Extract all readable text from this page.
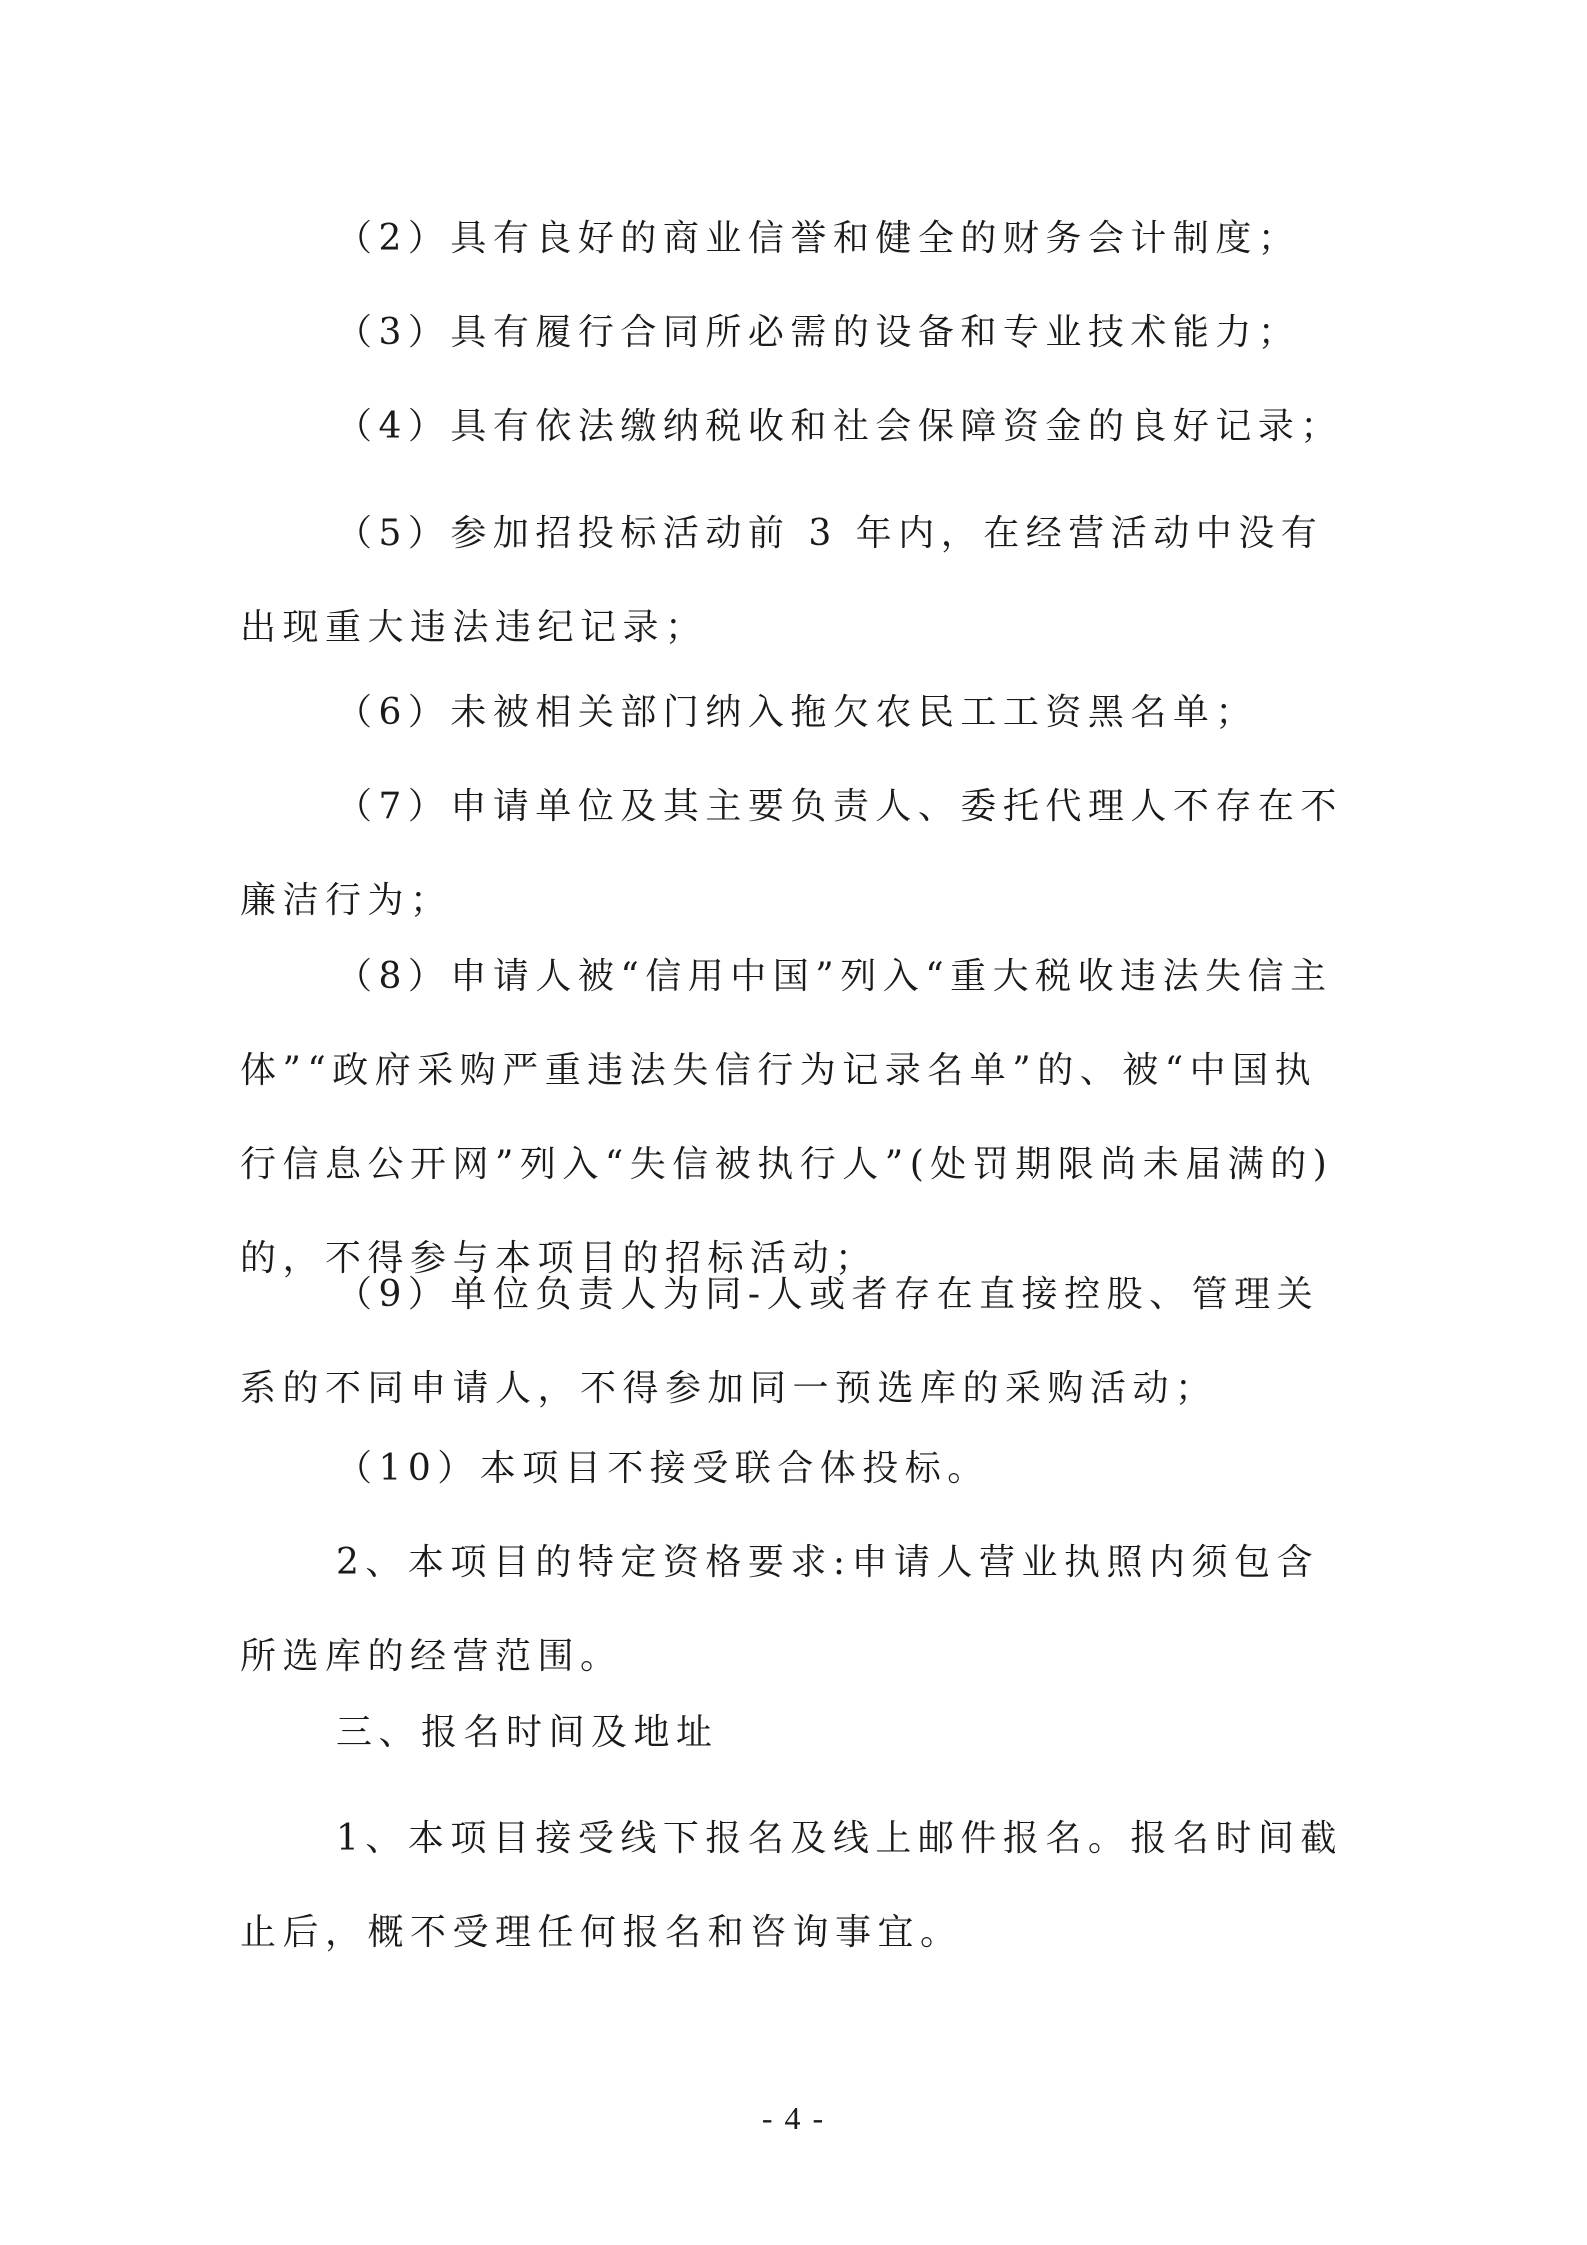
（2）具有良好的商业信誉和健全的财务会计制度；

（3）具有履行合同所必需的设备和专业技术能力；

（4）具有依法缴纳税收和社会保障资金的良好记录；

（5）参加招投标活动前 3 年内，在经营活动中没有出现重大违法违纪记录；

（6）未被相关部门纳入拖欠农民工工资黑名单；

（7）申请单位及其主要负责人、委托代理人不存在不廉洁行为；

（8）申请人被“信用中国”列入“重大税收违法失信主体”“政府采购严重违法失信行为记录名单”的、被“中国执行信息公开网”列入“失信被执行人”(处罚期限尚未届满的)的，不得参与本项目的招标活动；

（9）单位负责人为同-人或者存在直接控股、管理关系的不同申请人，不得参加同一预选库的采购活动；

（10）本项目不接受联合体投标。

2、本项目的特定资格要求:申请人营业执照内须包含所选库的经营范围。

三、报名时间及地址

1、本项目接受线下报名及线上邮件报名。报名时间截止后，概不受理任何报名和咨询事宜。

- 4 -
